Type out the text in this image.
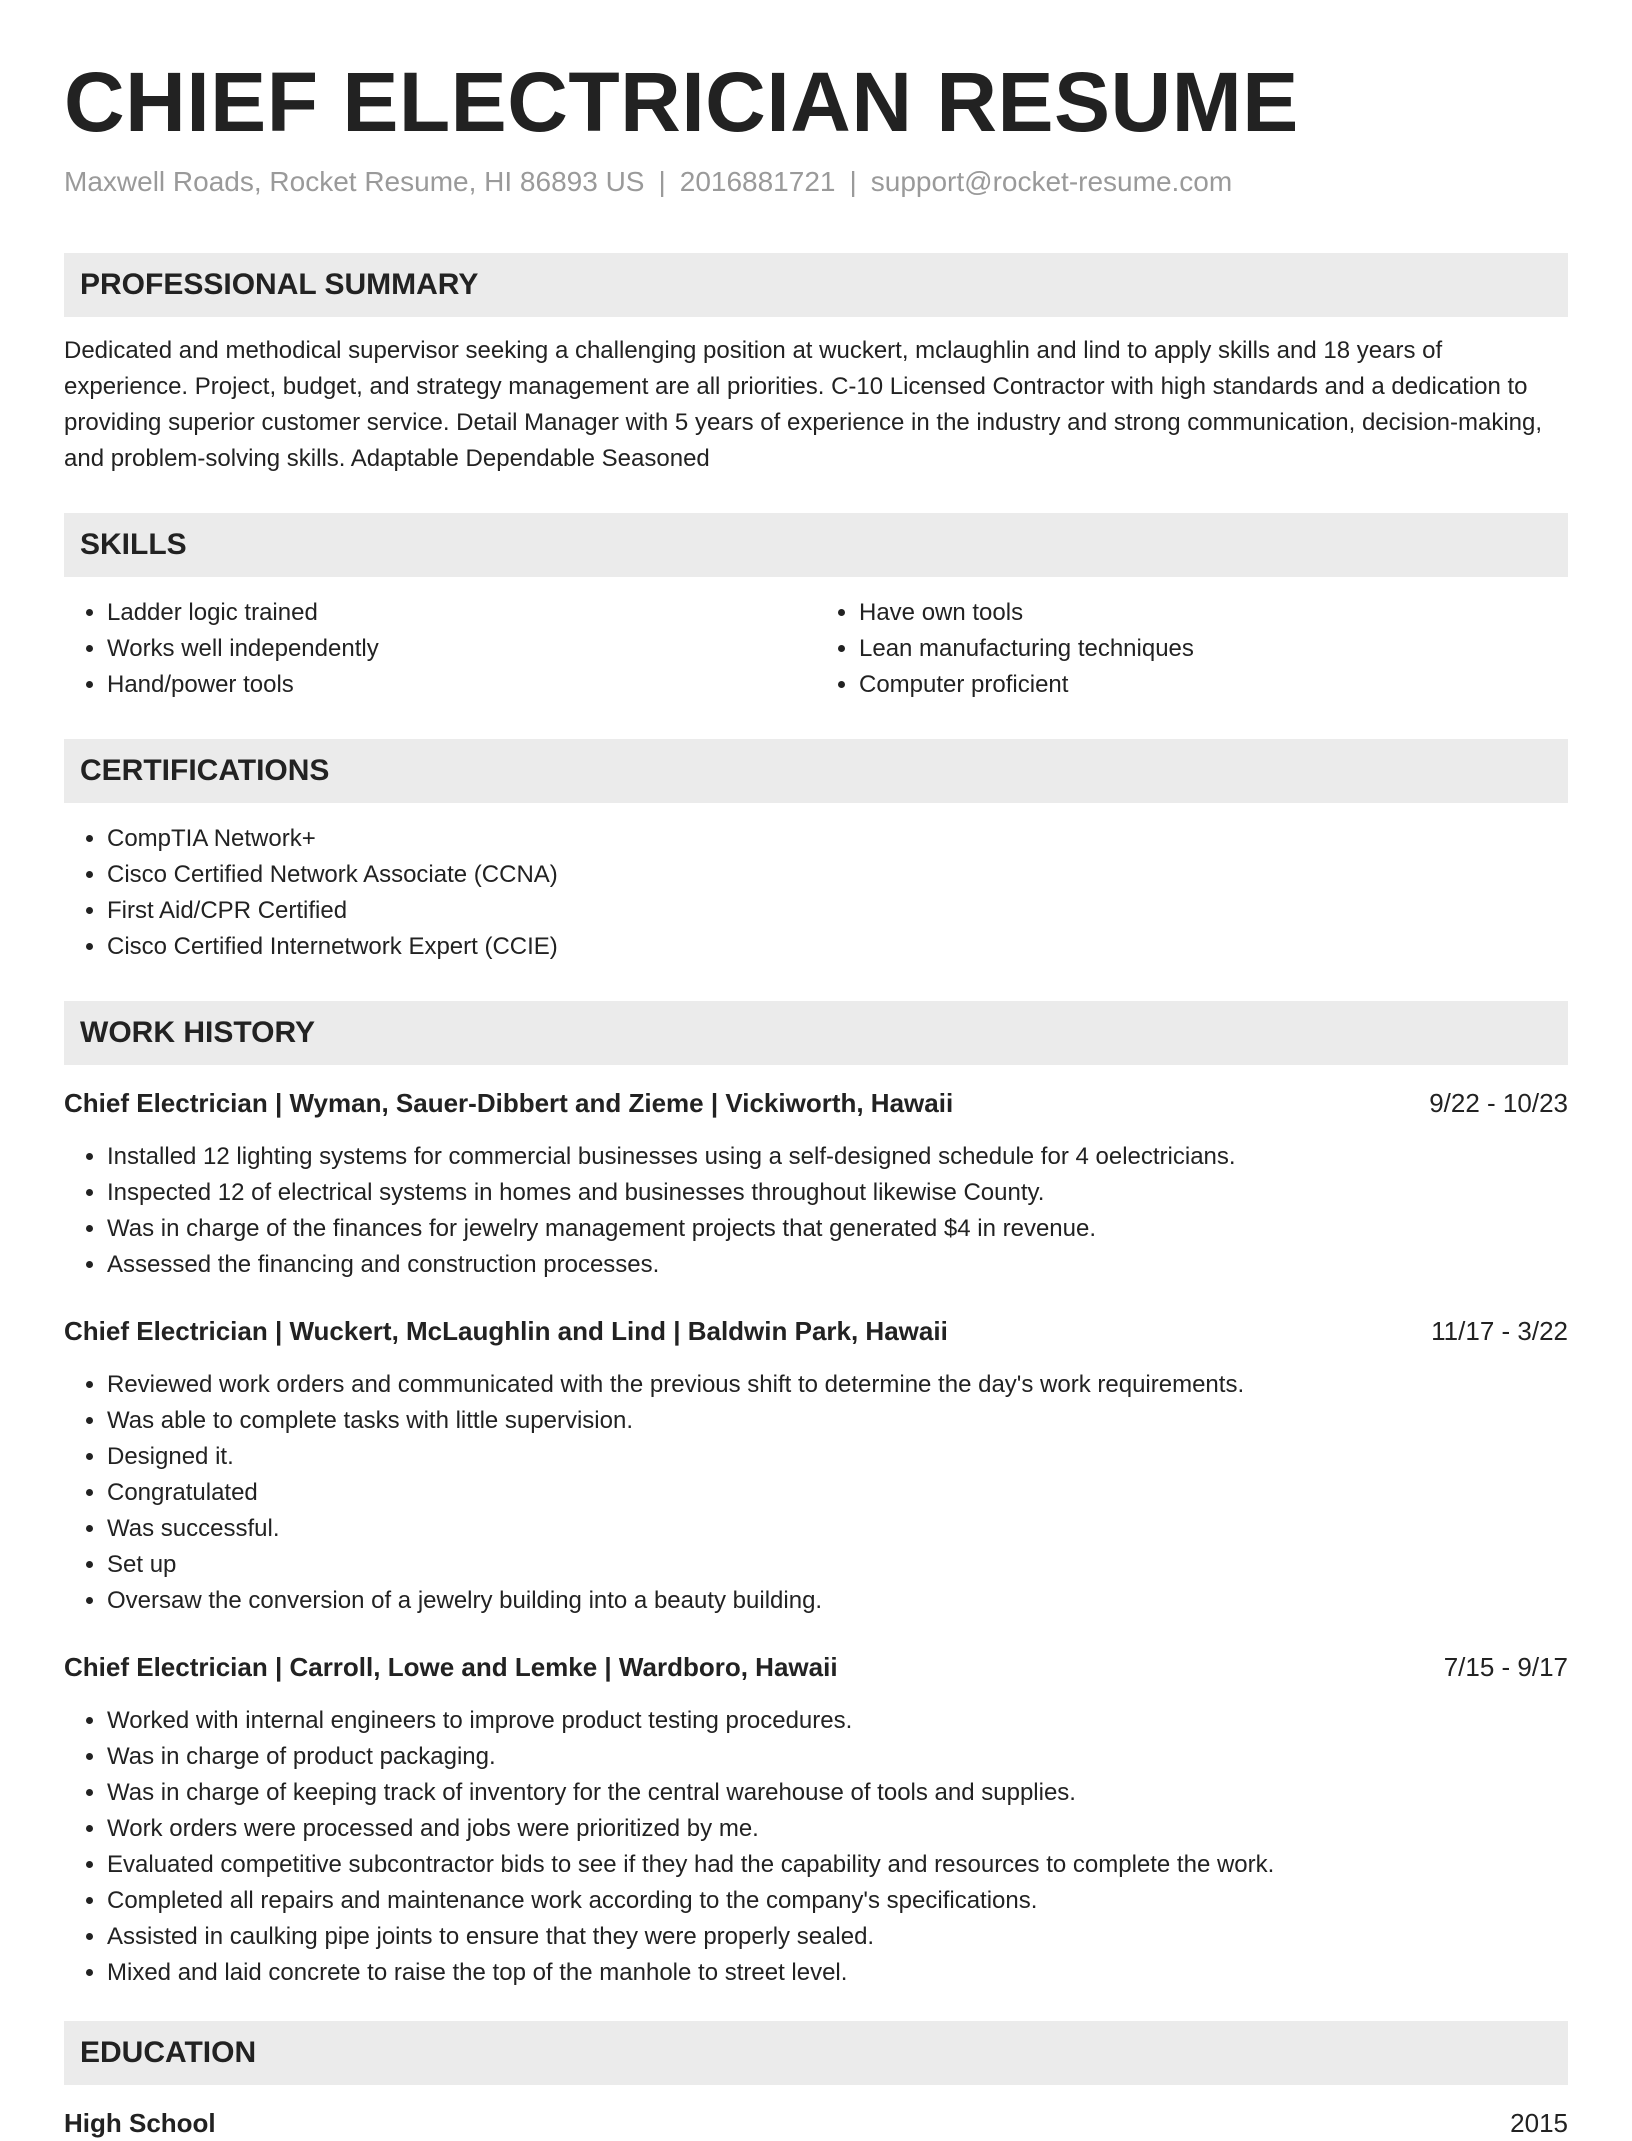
CHIEF ELECTRICIAN RESUME
Maxwell Roads, Rocket Resume, HI 86893 US | 2016881721 | support@rocket-resume.com
PROFESSIONAL SUMMARY
Dedicated and methodical supervisor seeking a challenging position at wuckert, mclaughlin and lind to apply skills and 18 years of experience. Project, budget, and strategy management are all priorities. C-10 Licensed Contractor with high standards and a dedication to providing superior customer service. Detail Manager with 5 years of experience in the industry and strong communication, decision-making, and problem-solving skills. Adaptable Dependable Seasoned
SKILLS
• Ladder logic trained
• Works well independently
• Hand/power tools
• Have own tools
• Lean manufacturing techniques
• Computer proficient
CERTIFICATIONS
• CompTIA Network+
• Cisco Certified Network Associate (CCNA)
• First Aid/CPR Certified
• Cisco Certified Internetwork Expert (CCIE)
WORK HISTORY
Chief Electrician | Wyman, Sauer-Dibbert and Zieme | Vickiworth, Hawaii	9/22 - 10/23
• Installed 12 lighting systems for commercial businesses using a self-designed schedule for 4 oelectricians.
• Inspected 12 of electrical systems in homes and businesses throughout likewise County.
• Was in charge of the finances for jewelry management projects that generated $4 in revenue.
• Assessed the financing and construction processes.
Chief Electrician | Wuckert, McLaughlin and Lind | Baldwin Park, Hawaii	11/17 - 3/22
• Reviewed work orders and communicated with the previous shift to determine the day's work requirements.
• Was able to complete tasks with little supervision.
• Designed it.
• Congratulated
• Was successful.
• Set up
• Oversaw the conversion of a jewelry building into a beauty building.
Chief Electrician | Carroll, Lowe and Lemke | Wardboro, Hawaii	7/15 - 9/17
• Worked with internal engineers to improve product testing procedures.
• Was in charge of product packaging.
• Was in charge of keeping track of inventory for the central warehouse of tools and supplies.
• Work orders were processed and jobs were prioritized by me.
• Evaluated competitive subcontractor bids to see if they had the capability and resources to complete the work.
• Completed all repairs and maintenance work according to the company's specifications.
• Assisted in caulking pipe joints to ensure that they were properly sealed.
• Mixed and laid concrete to raise the top of the manhole to street level.
EDUCATION
High School	2015
